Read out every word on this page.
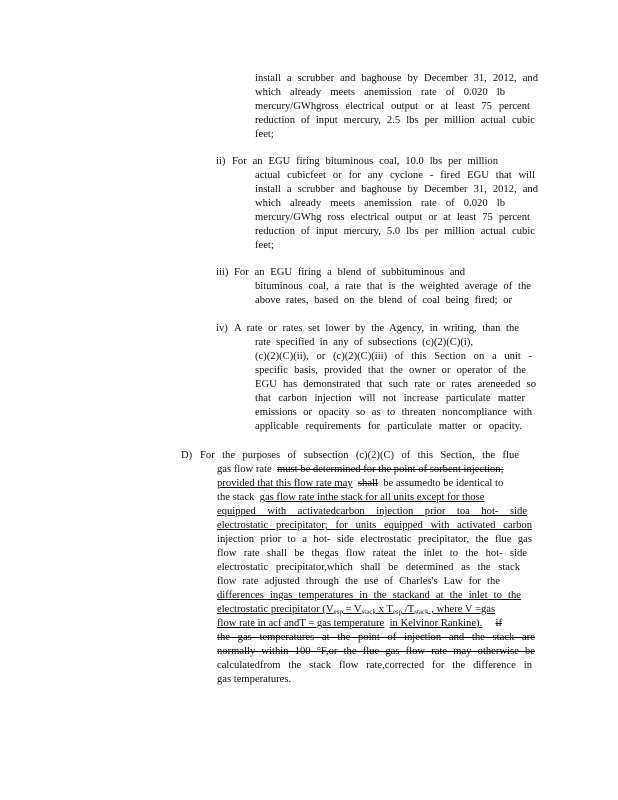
install a scrubber and baghouse by December 31, 2012, and
which already meets anemission rate of 0.020 lb
mercury/GWhgross electrical output or at least 75 percent
reduction of input mercury, 2.5 lbs per million actual cubic
feet;
ii) For an EGU firing bituminous coal, 10.0 lbs per million
actual cubicfeet or for any cyclone - fired EGU that will
install a scrubber and baghouse by December 31, 2012, and
which already meets anemission rate of 0.020 lb
mercury/GWhg ross electrical output or at least 75 percent
reduction of input mercury, 5.0 lbs per million actual cubic
feet;
iii) For an EGU firing a blend of subbituminous and
bituminous coal, a rate that is the weighted average of the
above rates, based on the blend of coal being fired; or
iv) A rate or rates set lower by the Agency, in writing, than the
rate specified in any of subsections (c)(2)(C)(i),
(c)(2)(C)(ii), or (c)(2)(C)(iii) of this Section on a unit -
specific basis, provided that the owner or operator of the
EGU has demonstrated that such rate or rates areneeded so
that carbon injection will not increase particulate matter
emissions or opacity so as to threaten noncompliance with
applicable requirements for particulate matter or opacity.
D) For the purposes of subsection (c)(2)(C) of this Section, the flue
gas flow rate must be determined for the point of sorbent injection;
provided that this flow rate may shall be assumedto be identical to
the stack gas flow rate inthe stack for all units except for those
equipped with activatedcarbon injection prior toa hot- side
electrostatic precipitator; for units equipped with activated carbon
injection prior to a hot- side electrostatic precipitator, the flue gas
flow rate shall be thegas flow rateat the inlet to the hot- side
electrostatic precipitator,which shall be determined as the stack
flow rate adjusted through the use of Charles's Law for the
differences ingas temperatures in the stackand at the inlet to the
electrostatic precipitator ($V_{esp} = V_{stack}$ x $T_{esp}$ $/T_{stack}$ , where V =gas
flow rate in acf andT = gas temperature in Kelvinor Rankine). if
the gas temperatures at the point of injection and the stack are
normally within 100 °F,or the flue gas flow rate may otherwise be
calculatedfrom the stack flow rate,corrected for the difference in
gas temperatures.
